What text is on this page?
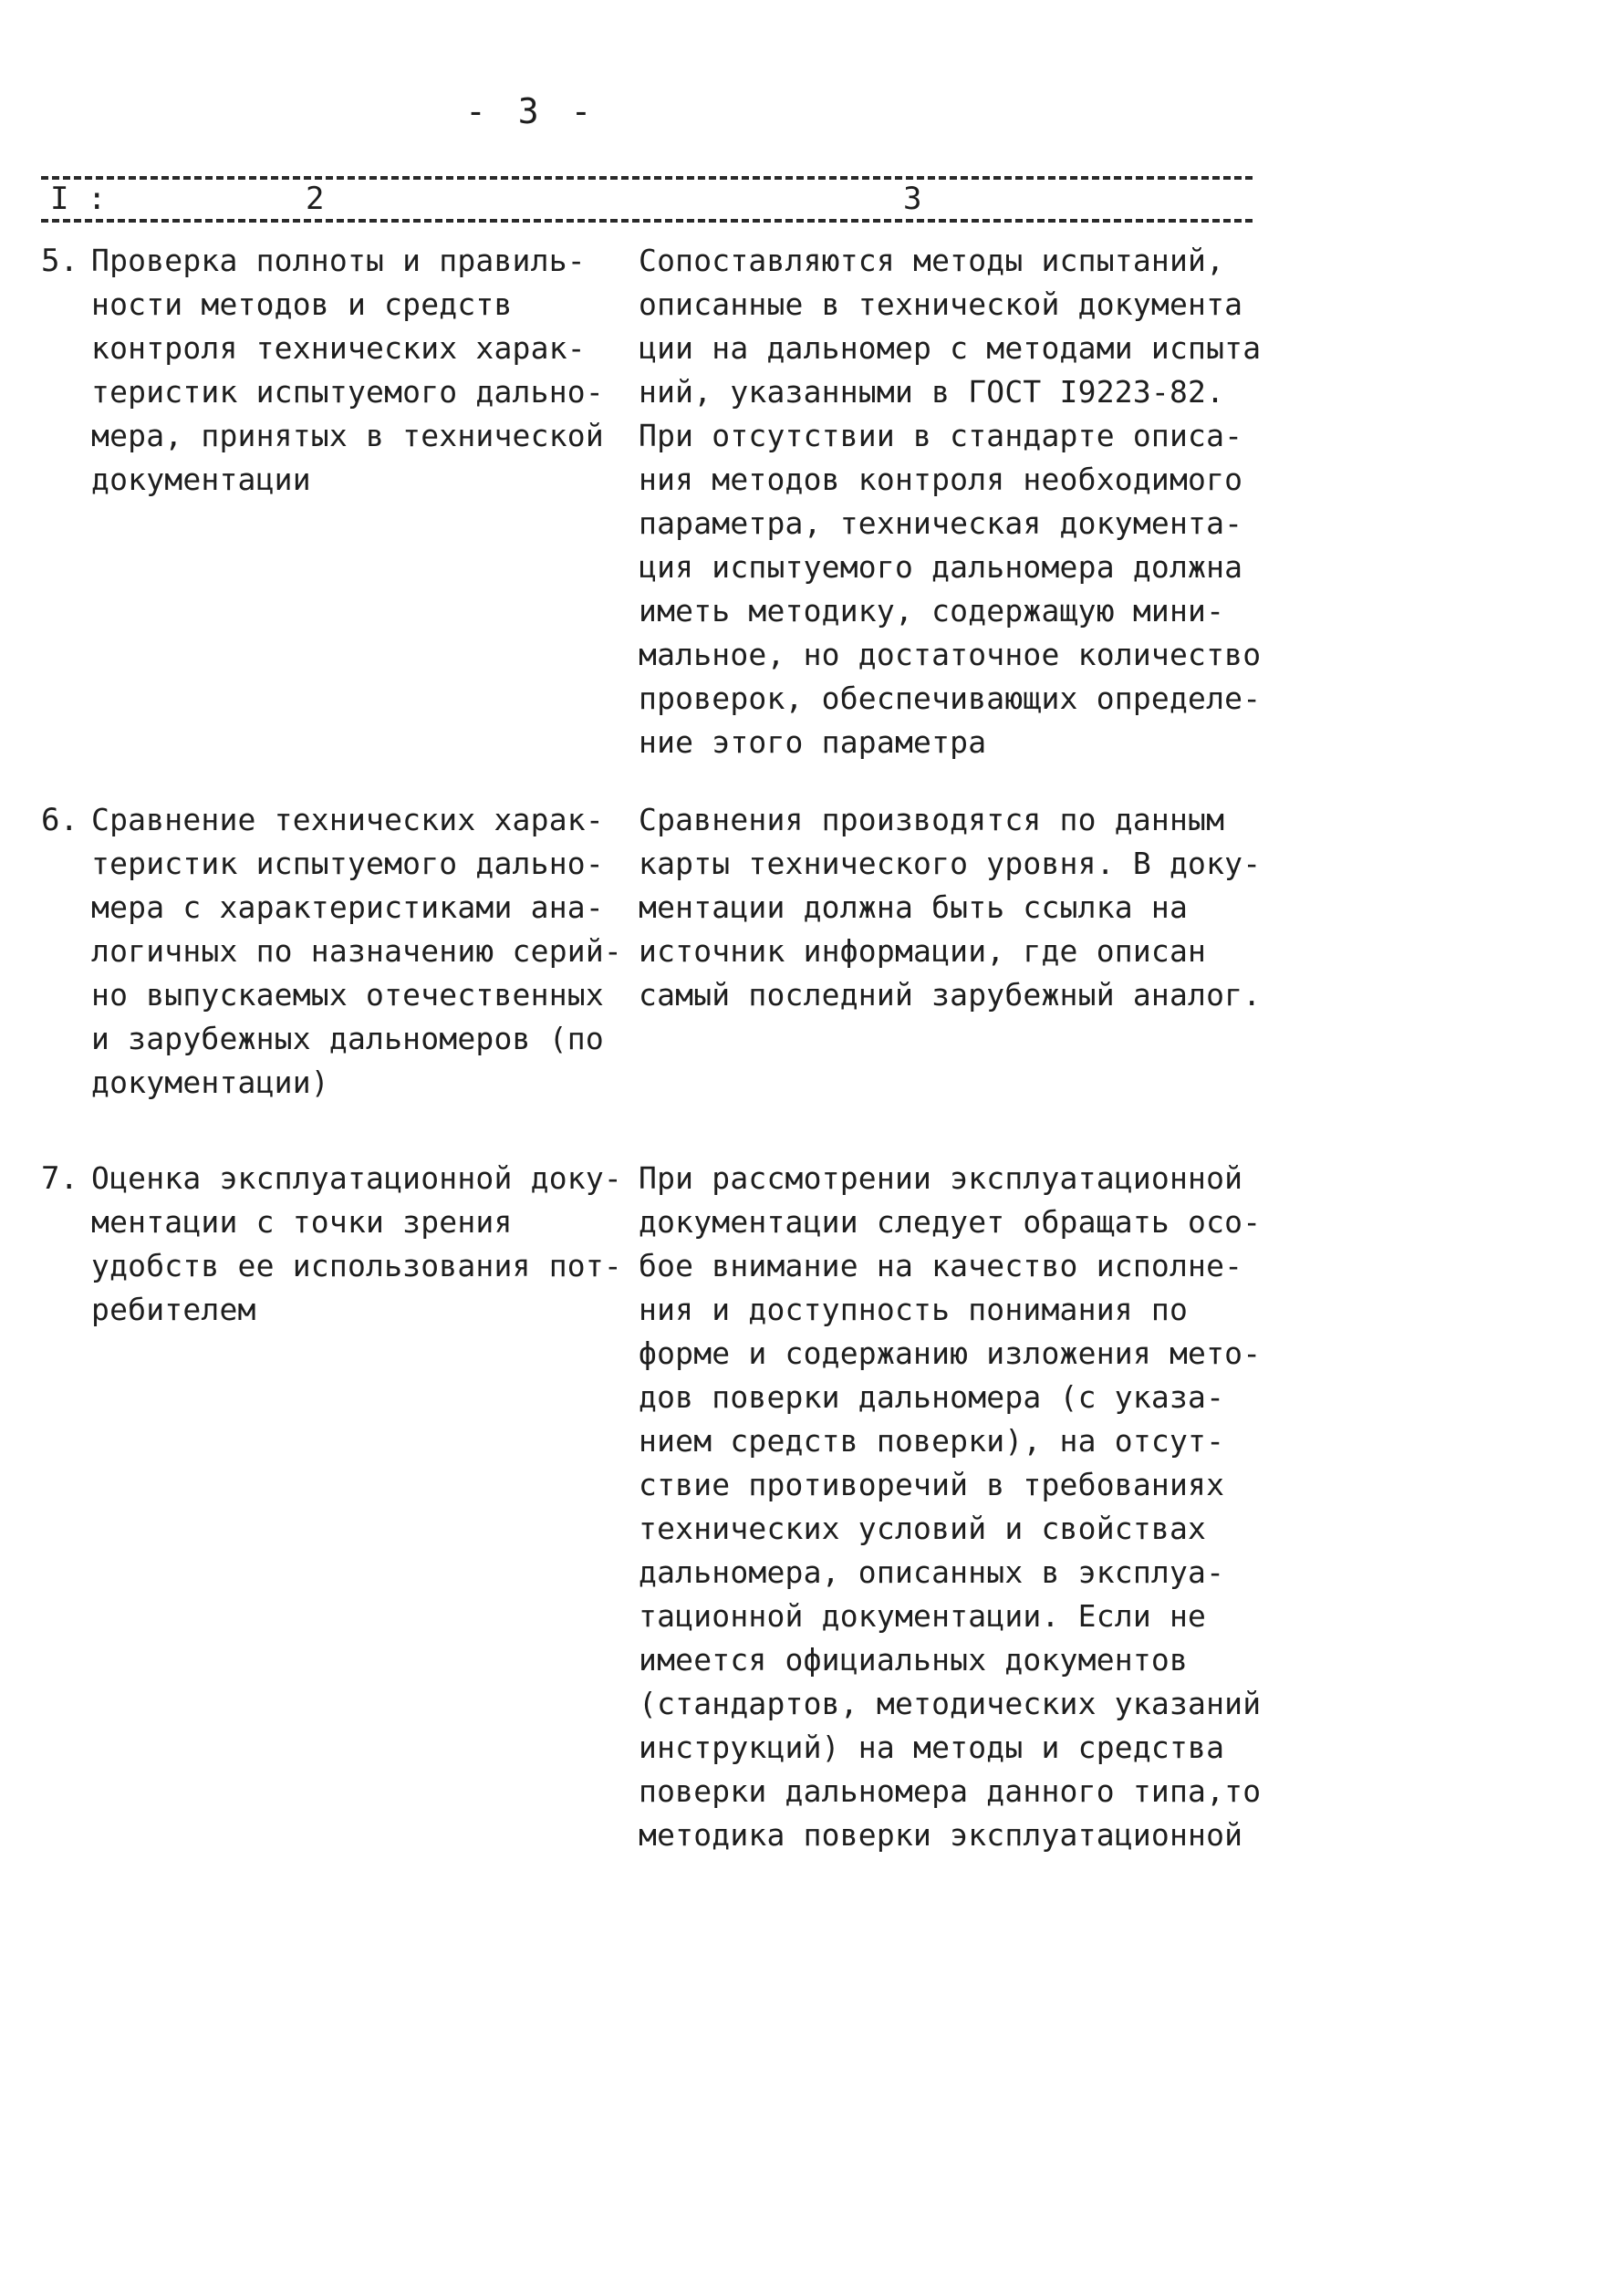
- 3 -
I :	2	3
5. Проверка полноты и правиль-
ности методов и средств
контроля технических харак-
теристик испытуемого дально-
мера, принятых в технической
документации
Сопоставляются методы испытаний,
описанные в технической документа
ции на дальномер с методами испыта
ний, указанными в ГОСТ I9223-82.
При отсутствии в стандарте описа-
ния методов контроля необходимого
параметра, техническая документа-
ция испытуемого дальномера должна
иметь методику, содержащую мини-
мальное, но достаточное количество
проверок, обеспечивающих определе-
ние этого параметра
6. Сравнение технических харак-
теристик испытуемого дально-
мера с характеристиками ана-
логичных по назначению серий-
но выпускаемых отечественных
и зарубежных дальномеров (по
документации)
Сравнения производятся по данным
карты технического уровня. В доку-
ментации должна быть ссылка на
источник информации, где описан
самый последний зарубежный аналог.
7. Оценка эксплуатационной доку-
ментации с точки зрения
удобств ее использования пот-
ребителем
При рассмотрении эксплуатационной
документации следует обращать осо-
бое внимание на качество исполне-
ния и доступность понимания по
форме и содержанию изложения мето-
дов поверки дальномера (с указа-
нием средств поверки), на отсут-
ствие противоречий в требованиях
технических условий и свойствах
дальномера, описанных в эксплуа-
тационной документации. Если не
имеется официальных документов
(стандартов, методических указаний
инструкций) на методы и средства
поверки дальномера данного типа,то
методика поверки эксплуатационной
